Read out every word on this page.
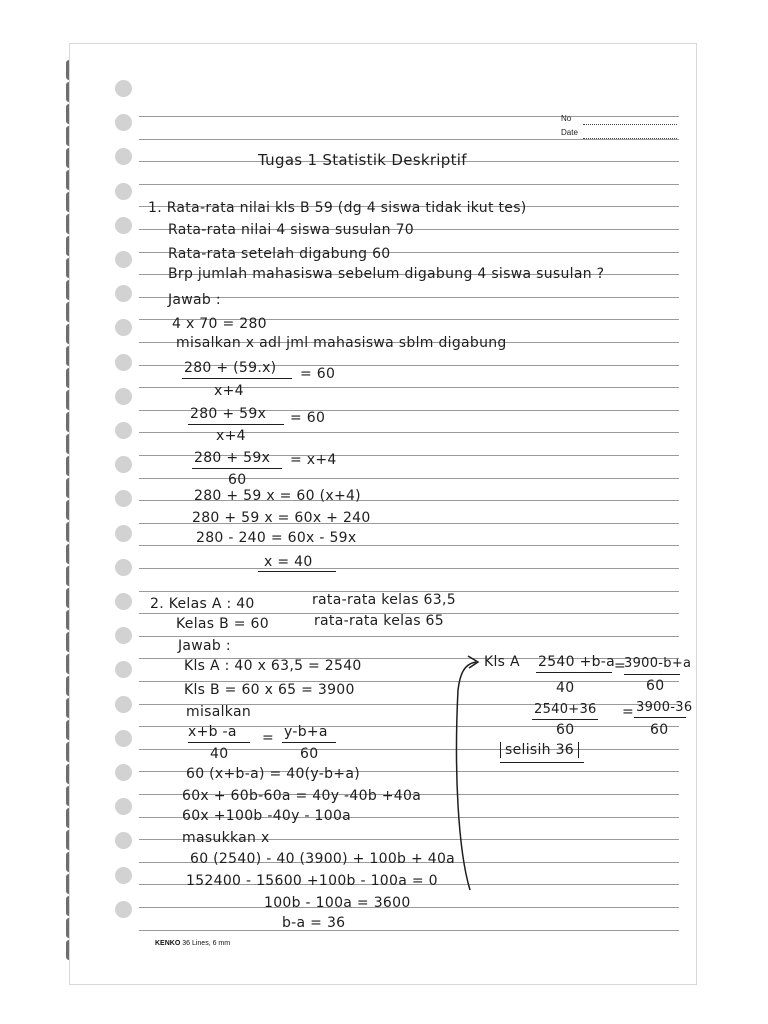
No
Date
Tugas 1 Statistik Deskriptif
1. Rata-rata nilai kls B 59 (dg 4 siswa tidak ikut tes)
Rata-rata nilai 4 siswa susulan 70
Rata-rata setelah digabung 60
Brp jumlah mahasiswa sebelum digabung 4 siswa susulan ?
Jawab :
4 x 70 = 280
misalkan x adl jml mahasiswa sblm digabung
280 + (59.x) = 60
x+4
280 + 59x = 60
x+4
280 + 59x = x+4
60
280 + 59 x = 60 (x+4)
280 + 59 x = 60x + 240
280 - 240 = 60x - 59x
x = 40
2. Kelas A : 40	rata-rata kelas 63,5
Kelas B = 60	rata-rata kelas 65
Jawab :
Kls A : 40 x 63,5 = 2540
Kls B = 60 x 65 = 3900
misalkan
x+b -a = y-b+a
40	60
60 (x+b-a) = 40(y-b+a)
60x + 60b-60a = 40y -40b +40a
60x +100b -40y - 100a
masukkan x
60 (2540) - 40 (3900) + 100b + 40a
152400 - 15600 +100b - 100a = 0
100b - 100a = 3600
b-a = 36
Kls A 2540 +b-a
=
3900-b+a
40	60
2540+36 = 3900-36
60	60
selisih 36
KENKO 36 Lines, 6 mm
